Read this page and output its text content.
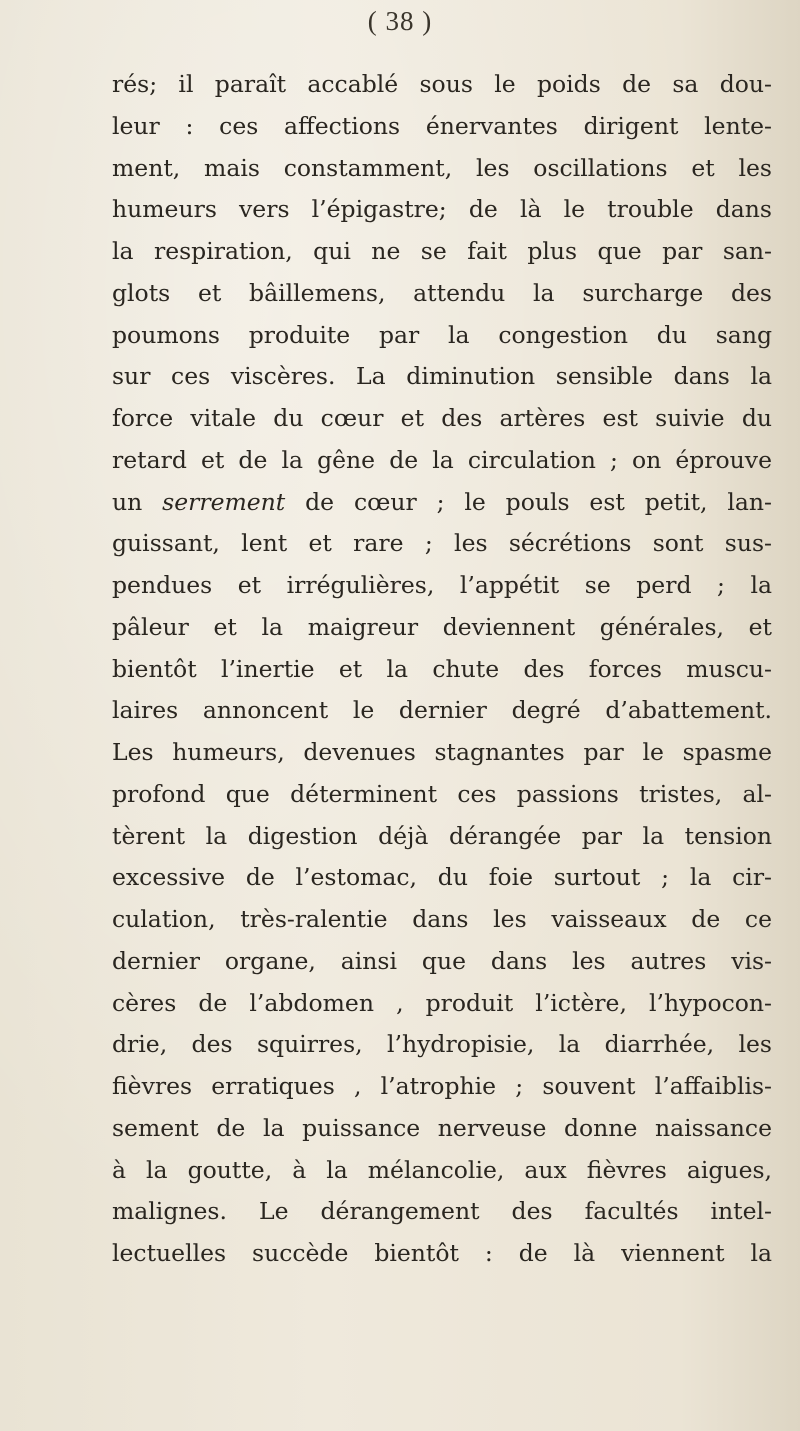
( 38 )
rés; il paraît accablé sous le poids de sa dou-
leur : ces affections énervantes dirigent lente-
ment, mais constamment, les oscillations et les
humeurs vers l’épigastre; de là le trouble dans
la respiration, qui ne se fait plus que par san-
glots et bâillemens, attendu la surcharge des
poumons produite par la congestion du sang
sur ces viscères. La diminution sensible dans la
force vitale du cœur et des artères est suivie du
retard et de la gêne de la circulation ; on éprouve
un serrement de cœur ; le pouls est petit, lan-
guissant, lent et rare ; les sécrétions sont sus-
pendues et irrégulières, l’appétit se perd ; la
pâleur et la maigreur deviennent générales, et
bientôt l’inertie et la chute des forces muscu-
laires annoncent le dernier degré d’abattement.
Les humeurs, devenues stagnantes par le spasme
profond que déterminent ces passions tristes, al-
tèrent la digestion déjà dérangée par la tension
excessive de l’estomac, du foie surtout ; la cir-
culation, très-ralentie dans les vaisseaux de ce
dernier organe, ainsi que dans les autres vis-
cères de l’abdomen , produit l’ictère, l’hypocon-
drie, des squirres, l’hydropisie, la diarrhée, les
fièvres erratiques , l’atrophie ; souvent l’affaiblis-
sement de la puissance nerveuse donne naissance
à la goutte, à la mélancolie, aux fièvres aigues,
malignes. Le dérangement des facultés intel-
lectuelles succède bientôt : de là viennent la
